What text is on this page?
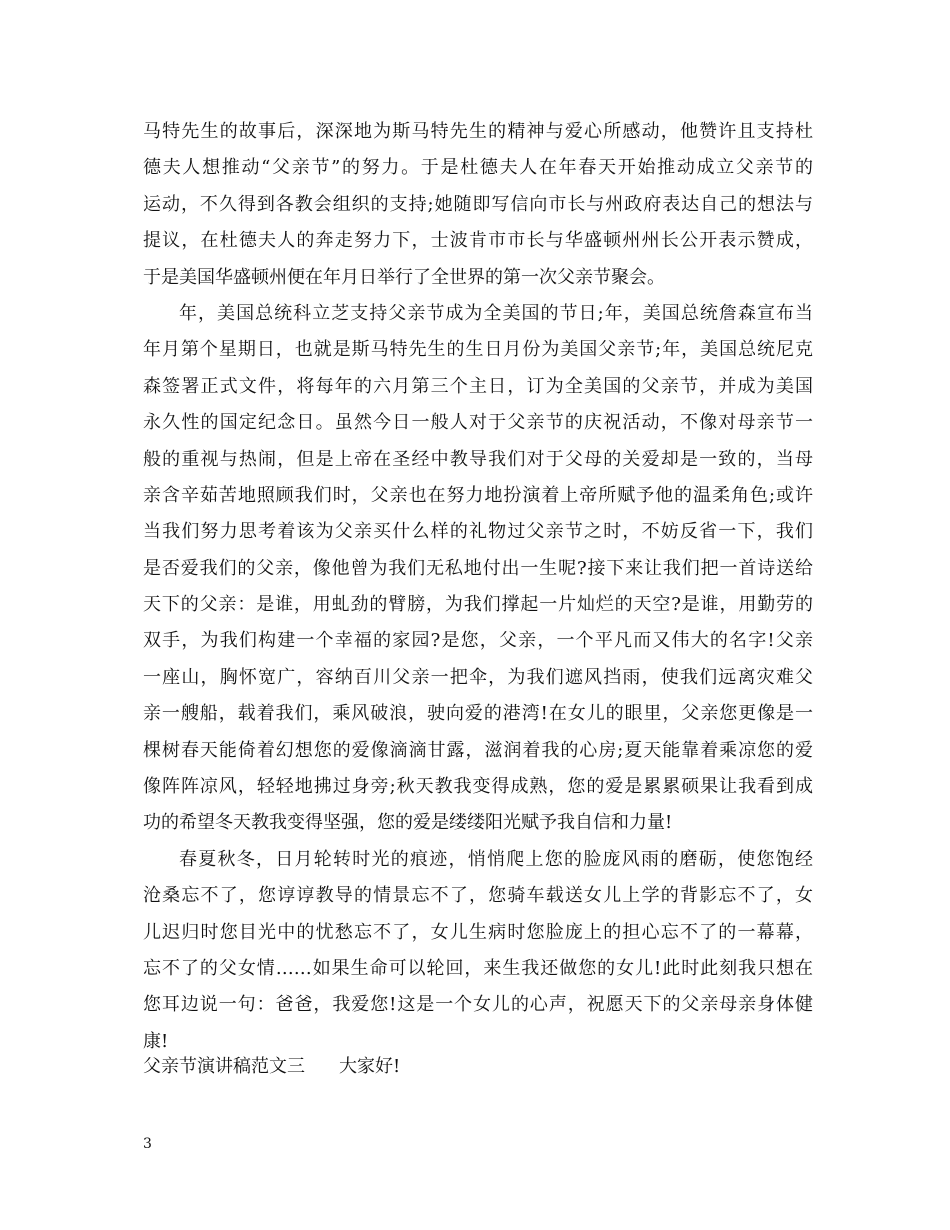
马特先生的故事后，深深地为斯马特先生的精神与爱心所感动，他赞许且支持杜
德夫人想推动“父亲节”的努力。于是杜德夫人在年春天开始推动成立父亲节的
运动，不久得到各教会组织的支持;她随即写信向市长与州政府表达自己的想法与
提议，在杜德夫人的奔走努力下，士波肯市市长与华盛顿州州长公开表示赞成，
于是美国华盛顿州便在年月日举行了全世界的第一次父亲节聚会。
年，美国总统科立芝支持父亲节成为全美国的节日;年，美国总统詹森宣布当
年月第个星期日，也就是斯马特先生的生日月份为美国父亲节;年，美国总统尼克
森签署正式文件，将每年的六月第三个主日，订为全美国的父亲节，并成为美国
永久性的国定纪念日。虽然今日一般人对于父亲节的庆祝活动，不像对母亲节一
般的重视与热闹，但是上帝在圣经中教导我们对于父母的关爱却是一致的，当母
亲含辛茹苦地照顾我们时，父亲也在努力地扮演着上帝所赋予他的温柔角色;或许
当我们努力思考着该为父亲买什么样的礼物过父亲节之时，不妨反省一下，我们
是否爱我们的父亲，像他曾为我们无私地付出一生呢?接下来让我们把一首诗送给
天下的父亲：是谁，用虬劲的臂膀，为我们撑起一片灿烂的天空?是谁，用勤劳的
双手，为我们构建一个幸福的家园?是您，父亲，一个平凡而又伟大的名字!父亲
一座山，胸怀宽广，容纳百川父亲一把伞，为我们遮风挡雨，使我们远离灾难父
亲一艘船，载着我们，乘风破浪，驶向爱的港湾!在女儿的眼里，父亲您更像是一
棵树春天能倚着幻想您的爱像滴滴甘露，滋润着我的心房;夏天能靠着乘凉您的爱
像阵阵凉风，轻轻地拂过身旁;秋天教我变得成熟，您的爱是累累硕果让我看到成
功的希望冬天教我变得坚强，您的爱是缕缕阳光赋予我自信和力量!
春夏秋冬，日月轮转时光的痕迹，悄悄爬上您的脸庞风雨的磨砺，使您饱经
沧桑忘不了，您谆谆教导的情景忘不了，您骑车载送女儿上学的背影忘不了，女
儿迟归时您目光中的忧愁忘不了，女儿生病时您脸庞上的担心忘不了的一幕幕，
忘不了的父女情……如果生命可以轮回，来生我还做您的女儿!此时此刻我只想在
您耳边说一句：爸爸，我爱您!这是一个女儿的心声，祝愿天下的父亲母亲身体健
康!
父亲节演讲稿范文三 大家好!
3
